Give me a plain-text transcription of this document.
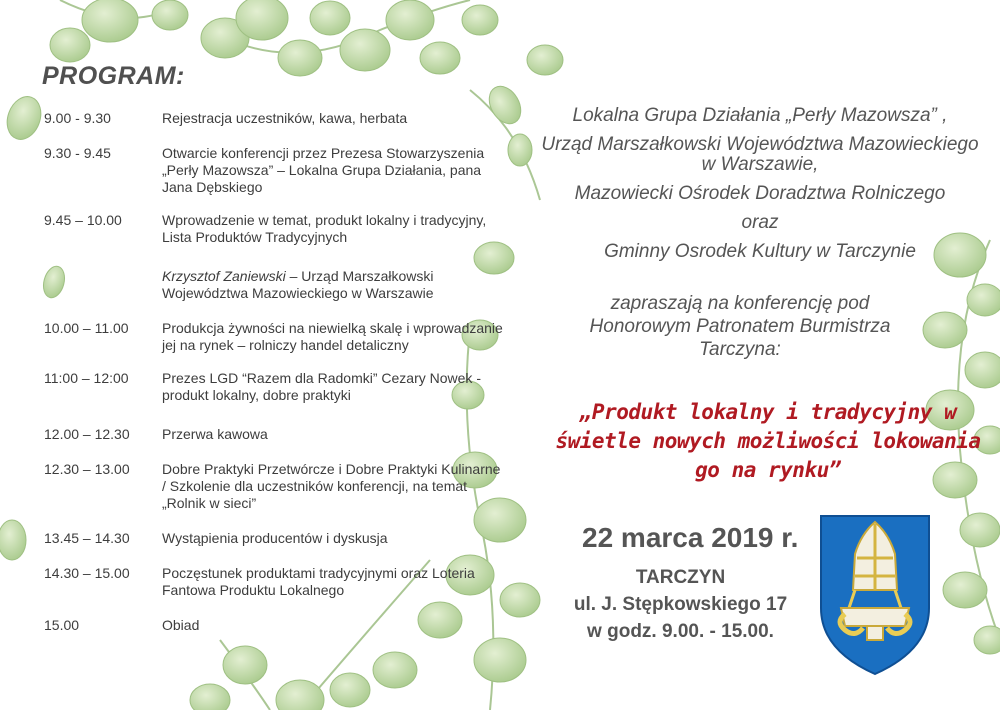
PROGRAM:
9.00 - 9.30	Rejestracja uczestników, kawa, herbata
9.30 - 9.45	Otwarcie konferencji przez Prezesa Stowarzyszenia „Perły Mazowsza” – Lokalna Grupa Działania, pana Jana Dębskiego
9.45 – 10.00	Wprowadzenie w temat, produkt lokalny i tradycyjny, Lista Produktów Tradycyjnych
Krzysztof Zaniewski – Urząd Marszałkowski Województwa Mazowieckiego w Warszawie
10.00 – 11.00	Produkcja żywności na niewielką skalę i wprowadzanie jej na rynek – rolniczy handel detaliczny
11:00 – 12:00	Prezes LGD “Razem dla Radomki” Cezary Nowek - produkt lokalny, dobre praktyki
12.00 – 12.30	Przerwa kawowa
12.30 – 13.00	Dobre Praktyki Przetwórcze i Dobre Praktyki Kulinarne / Szkolenie dla uczestników konferencji, na temat „Rolnik w sieci”
13.45 – 14.30	Wystąpienia producentów i dyskusja
14.30 – 15.00	Poczęstunek produktami tradycyjnymi oraz Loteria Fantowa Produktu Lokalnego
15.00	Obiad

Lokalna Grupa Działania „Perły Mazowsza” ,

Urząd Marszałkowski Województwa Mazowieckiego w Warszawie,

Mazowiecki Ośrodek Doradztwa Rolniczego

oraz

Gminny Osrodek Kultury w Tarczynie

zapraszają na konferencję pod Honorowym Patronatem Burmistrza Tarczyna:

„Produkt lokalny i tradycyjny w świetle nowych możliwości lokowania go na rynku”

22 marca 2019 r.

TARCZYN

ul. J. Stępkowskiego 17

w godz. 9.00. - 15.00.
